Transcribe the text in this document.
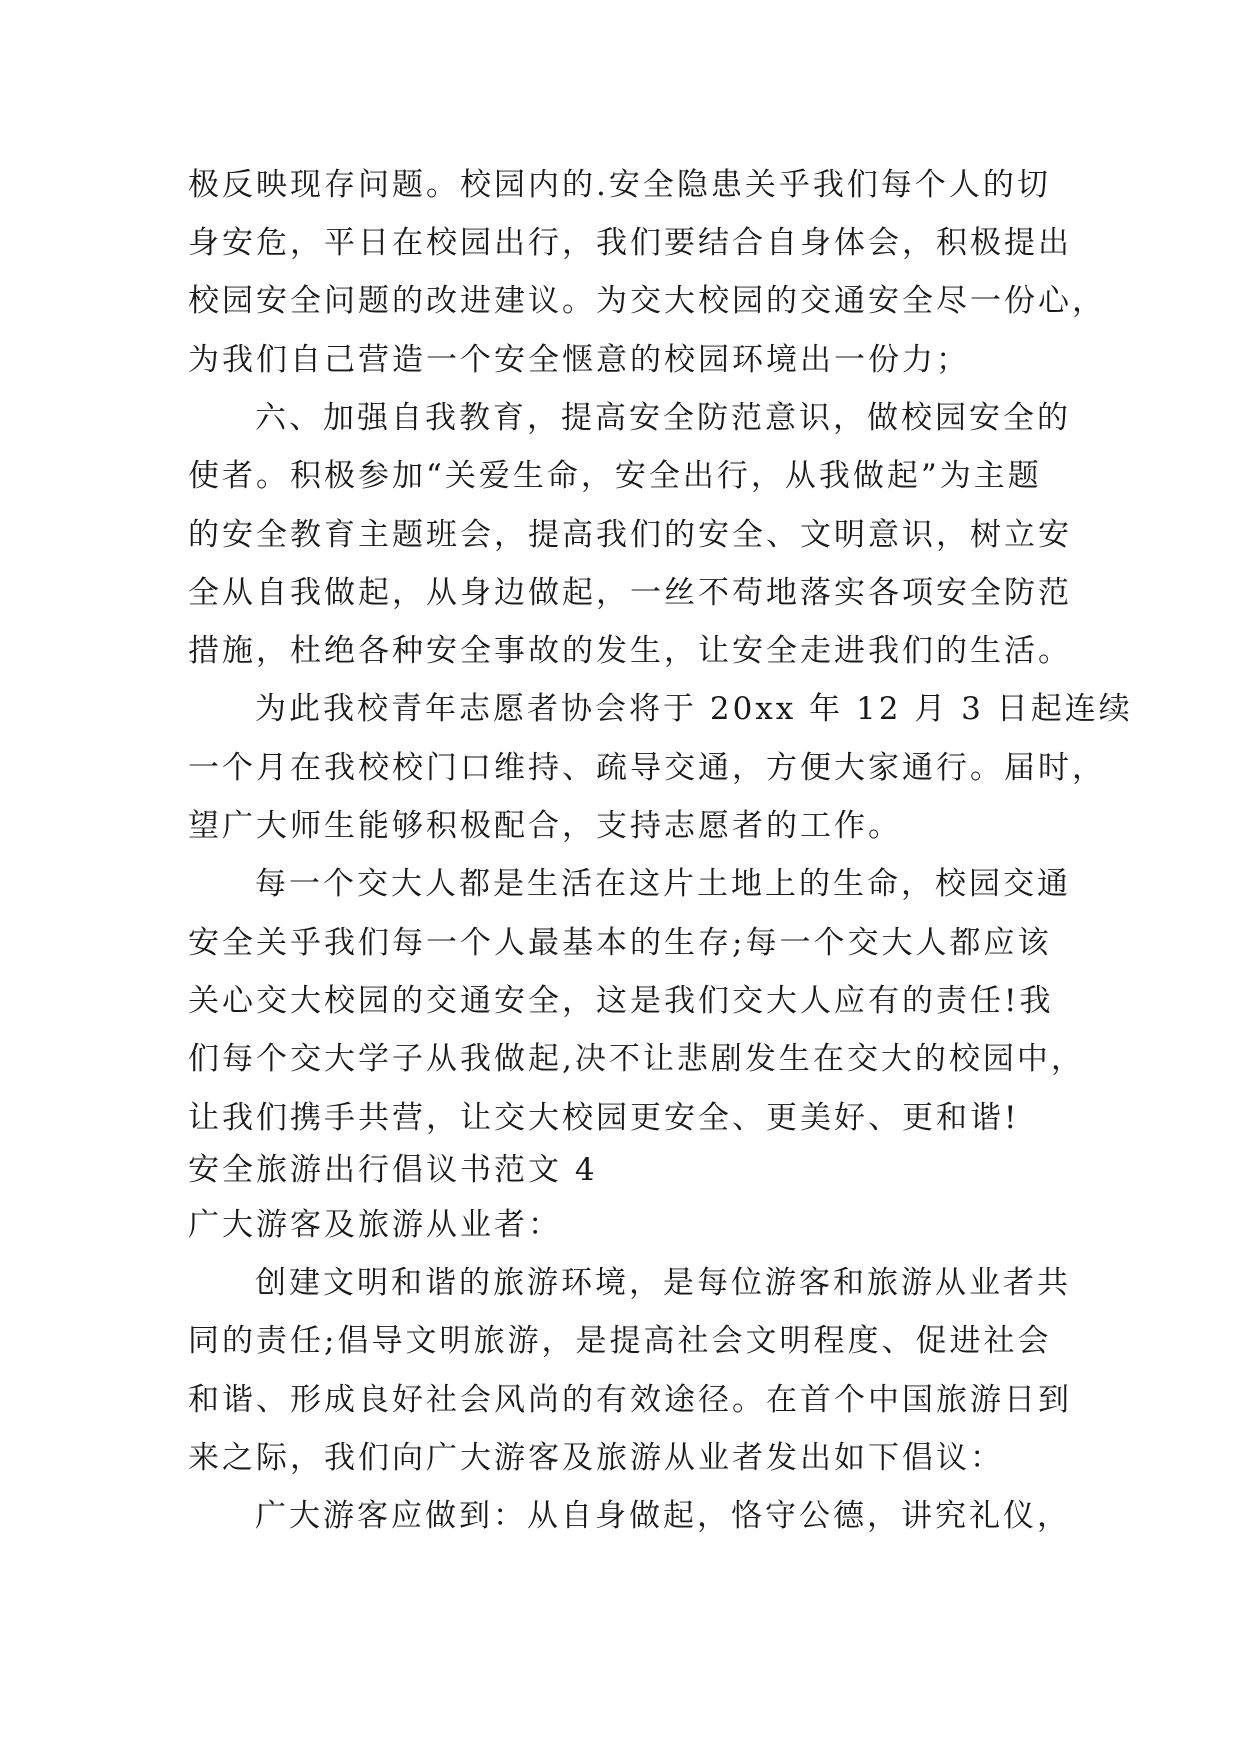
极反映现存问题。校园内的.安全隐患关乎我们每个人的切
身安危，平日在校园出行，我们要结合自身体会，积极提出
校园安全问题的改进建议。为交大校园的交通安全尽一份心，
为我们自己营造一个安全惬意的校园环境出一份力；
六、加强自我教育，提高安全防范意识，做校园安全的
使者。积极参加“关爱生命，安全出行，从我做起”为主题
的安全教育主题班会，提高我们的安全、文明意识，树立安
全从自我做起，从身边做起，一丝不苟地落实各项安全防范
措施，杜绝各种安全事故的发生，让安全走进我们的生活。
为此我校青年志愿者协会将于 20xx 年 12 月 3 日起连续
一个月在我校校门口维持、疏导交通，方便大家通行。届时，
望广大师生能够积极配合，支持志愿者的工作。
每一个交大人都是生活在这片土地上的生命，校园交通
安全关乎我们每一个人最基本的生存;每一个交大人都应该
关心交大校园的交通安全，这是我们交大人应有的责任!我
们每个交大学子从我做起,决不让悲剧发生在交大的校园中，
让我们携手共营，让交大校园更安全、更美好、更和谐!
安全旅游出行倡议书范文 4
广大游客及旅游从业者：
创建文明和谐的旅游环境，是每位游客和旅游从业者共
同的责任;倡导文明旅游，是提高社会文明程度、促进社会
和谐、形成良好社会风尚的有效途径。在首个中国旅游日到
来之际，我们向广大游客及旅游从业者发出如下倡议：
广大游客应做到：从自身做起，恪守公德，讲究礼仪，
